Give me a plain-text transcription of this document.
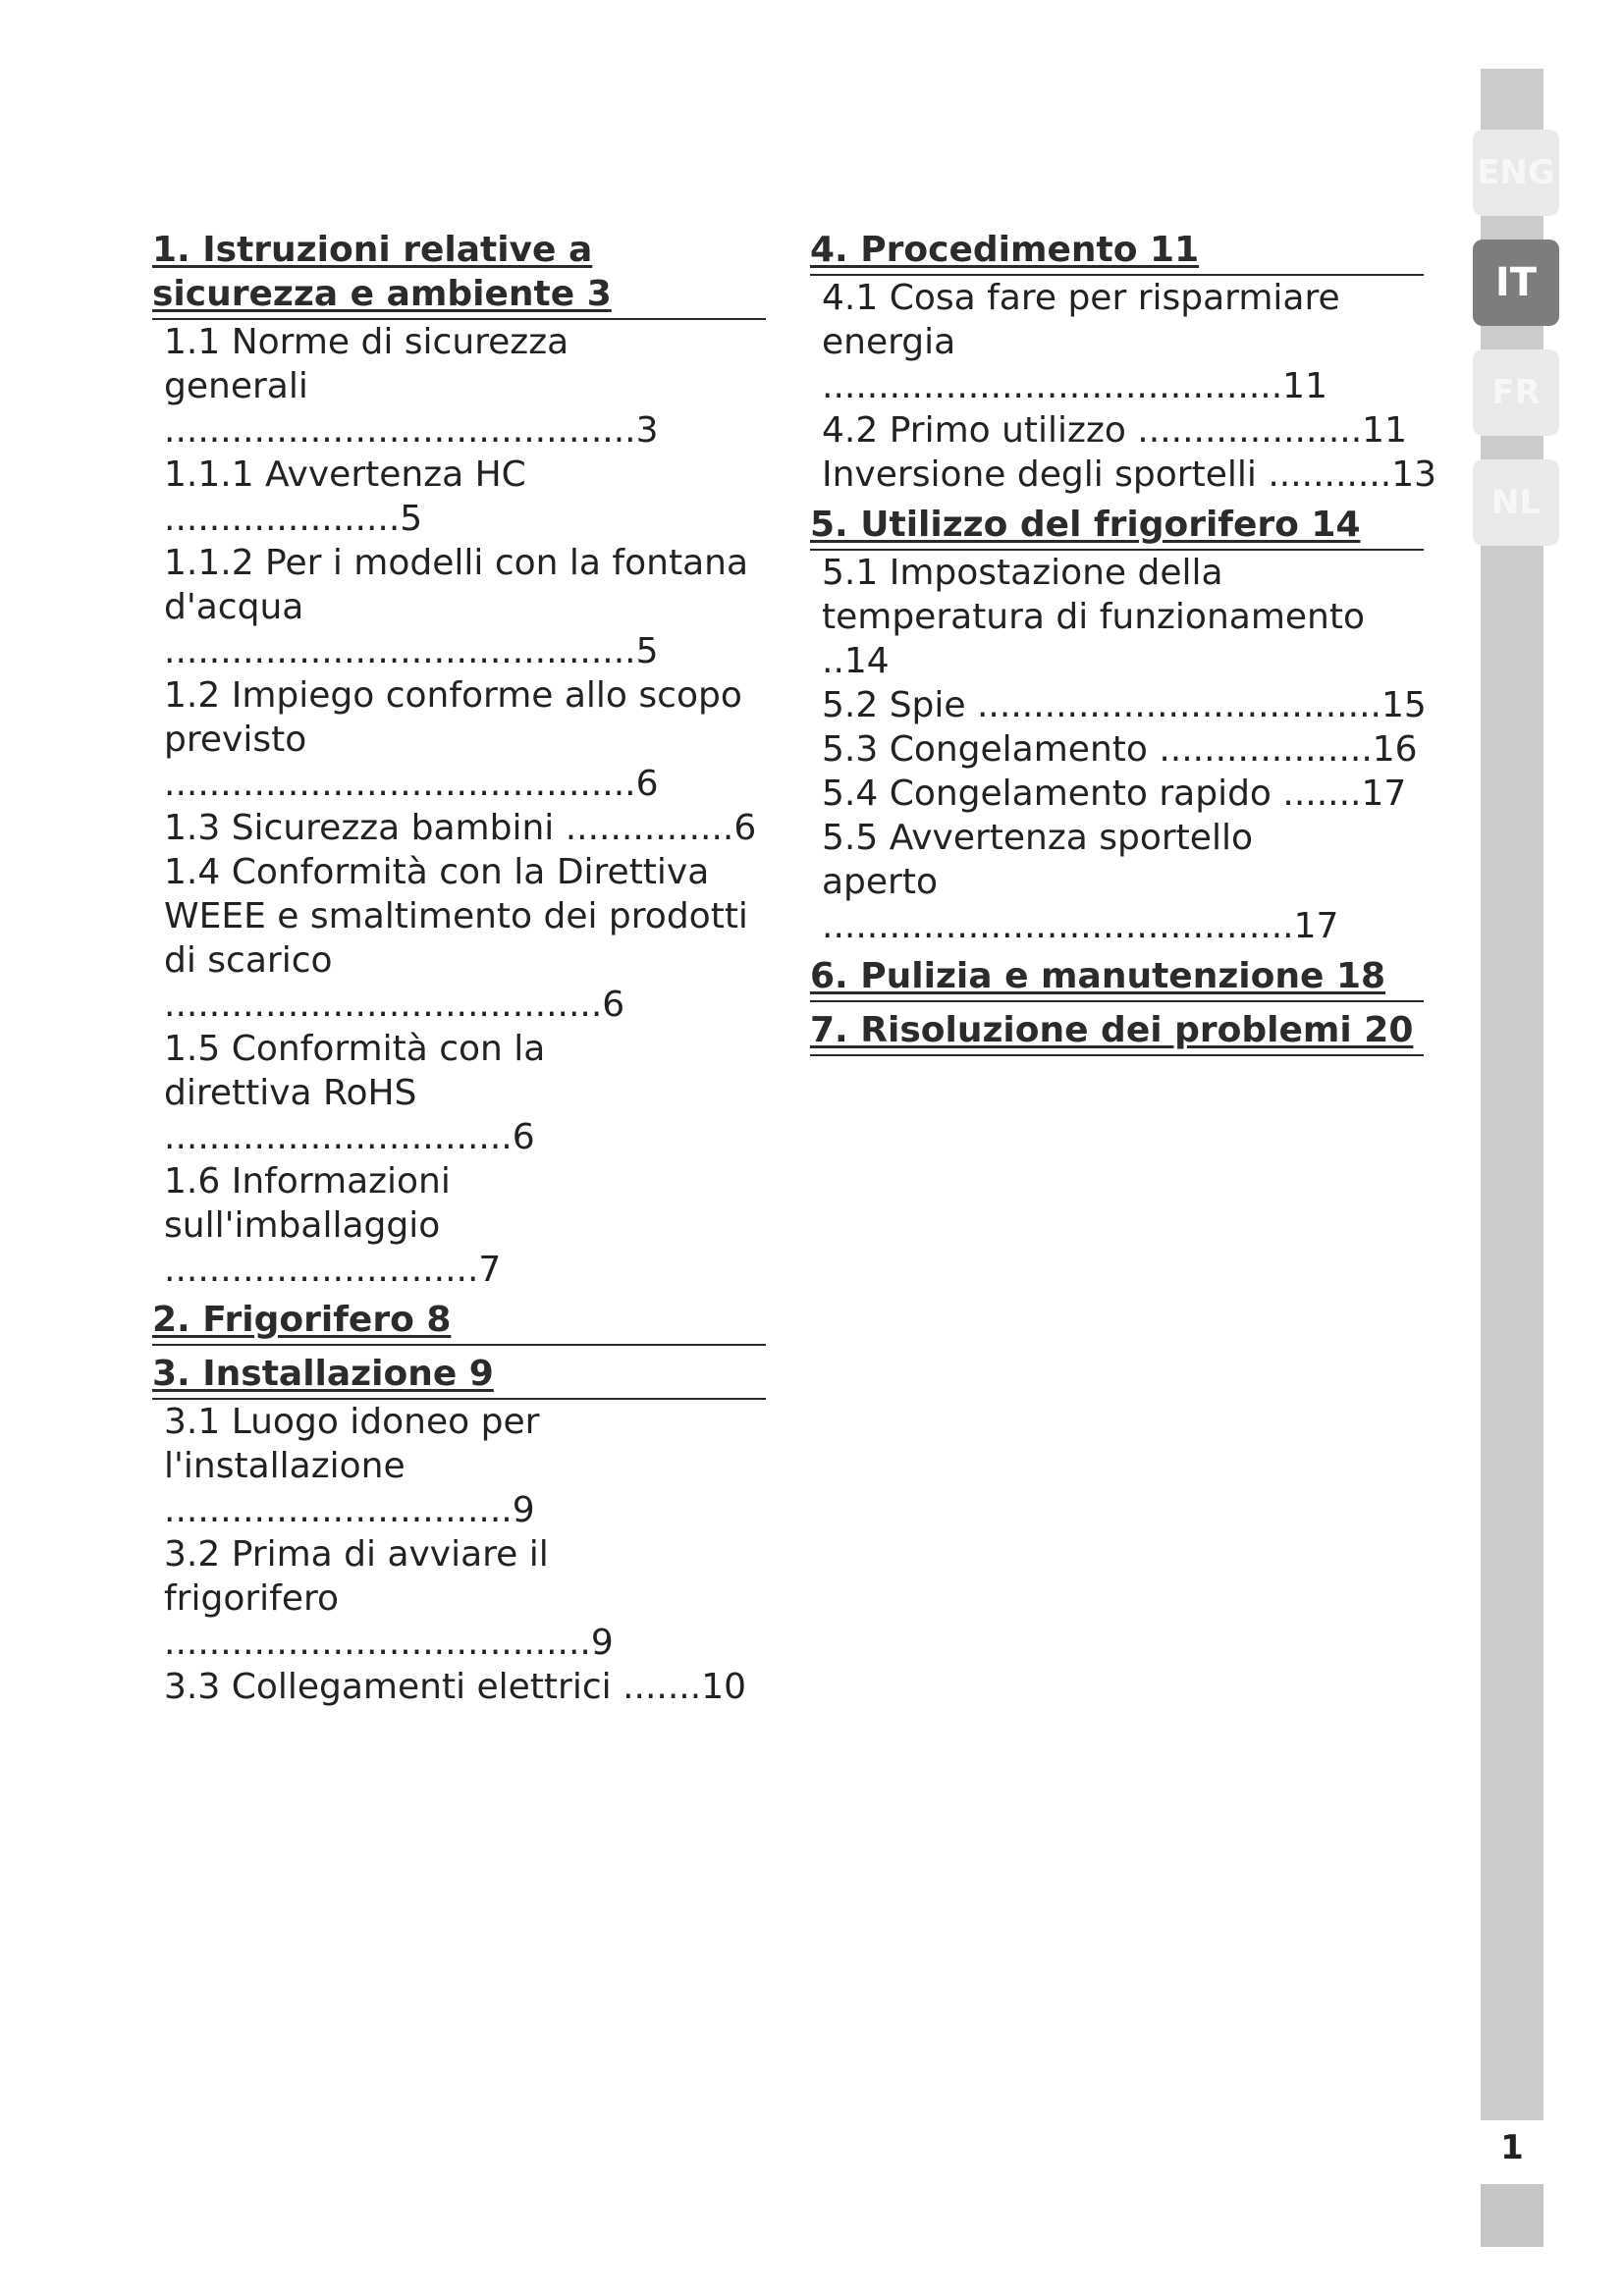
1. Istruzioni relative a sicurezza e ambiente 3
1.1 Norme di sicurezza
generali ..........................................3
1.1.1 Avvertenza HC .....................5
1.1.2 Per i modelli con la fontana
d'acqua ..........................................5
1.2 Impiego conforme allo scopo
previsto ..........................................6
1.3 Sicurezza bambini ...............6
1.4 Conformità con la Direttiva
WEEE e smaltimento dei prodotti
di scarico .......................................6
1.5 Conformità con la
direttiva RoHS ...............................6
1.6 Informazioni
sull'imballaggio ............................7
2. Frigorifero 8
3. Installazione 9
3.1 Luogo idoneo per
l'installazione ...............................9
3.2 Prima di avviare il
frigorifero ......................................9
3.3 Collegamenti elettrici .......10
4. Procedimento 11
4.1 Cosa fare per risparmiare
energia .........................................11
4.2 Primo utilizzo ....................11
Inversione degli sportelli ...........13
5. Utilizzo del frigorifero 14
5.1 Impostazione della
temperatura di funzionamento ..14
5.2 Spie ....................................15
5.3 Congelamento ...................16
5.4 Congelamento rapido .......17
5.5 Avvertenza sportello
aperto ..........................................17
6. Pulizia e manutenzione 18
7. Risoluzione dei problemi 20
ENG
IT
FR
NL
1
